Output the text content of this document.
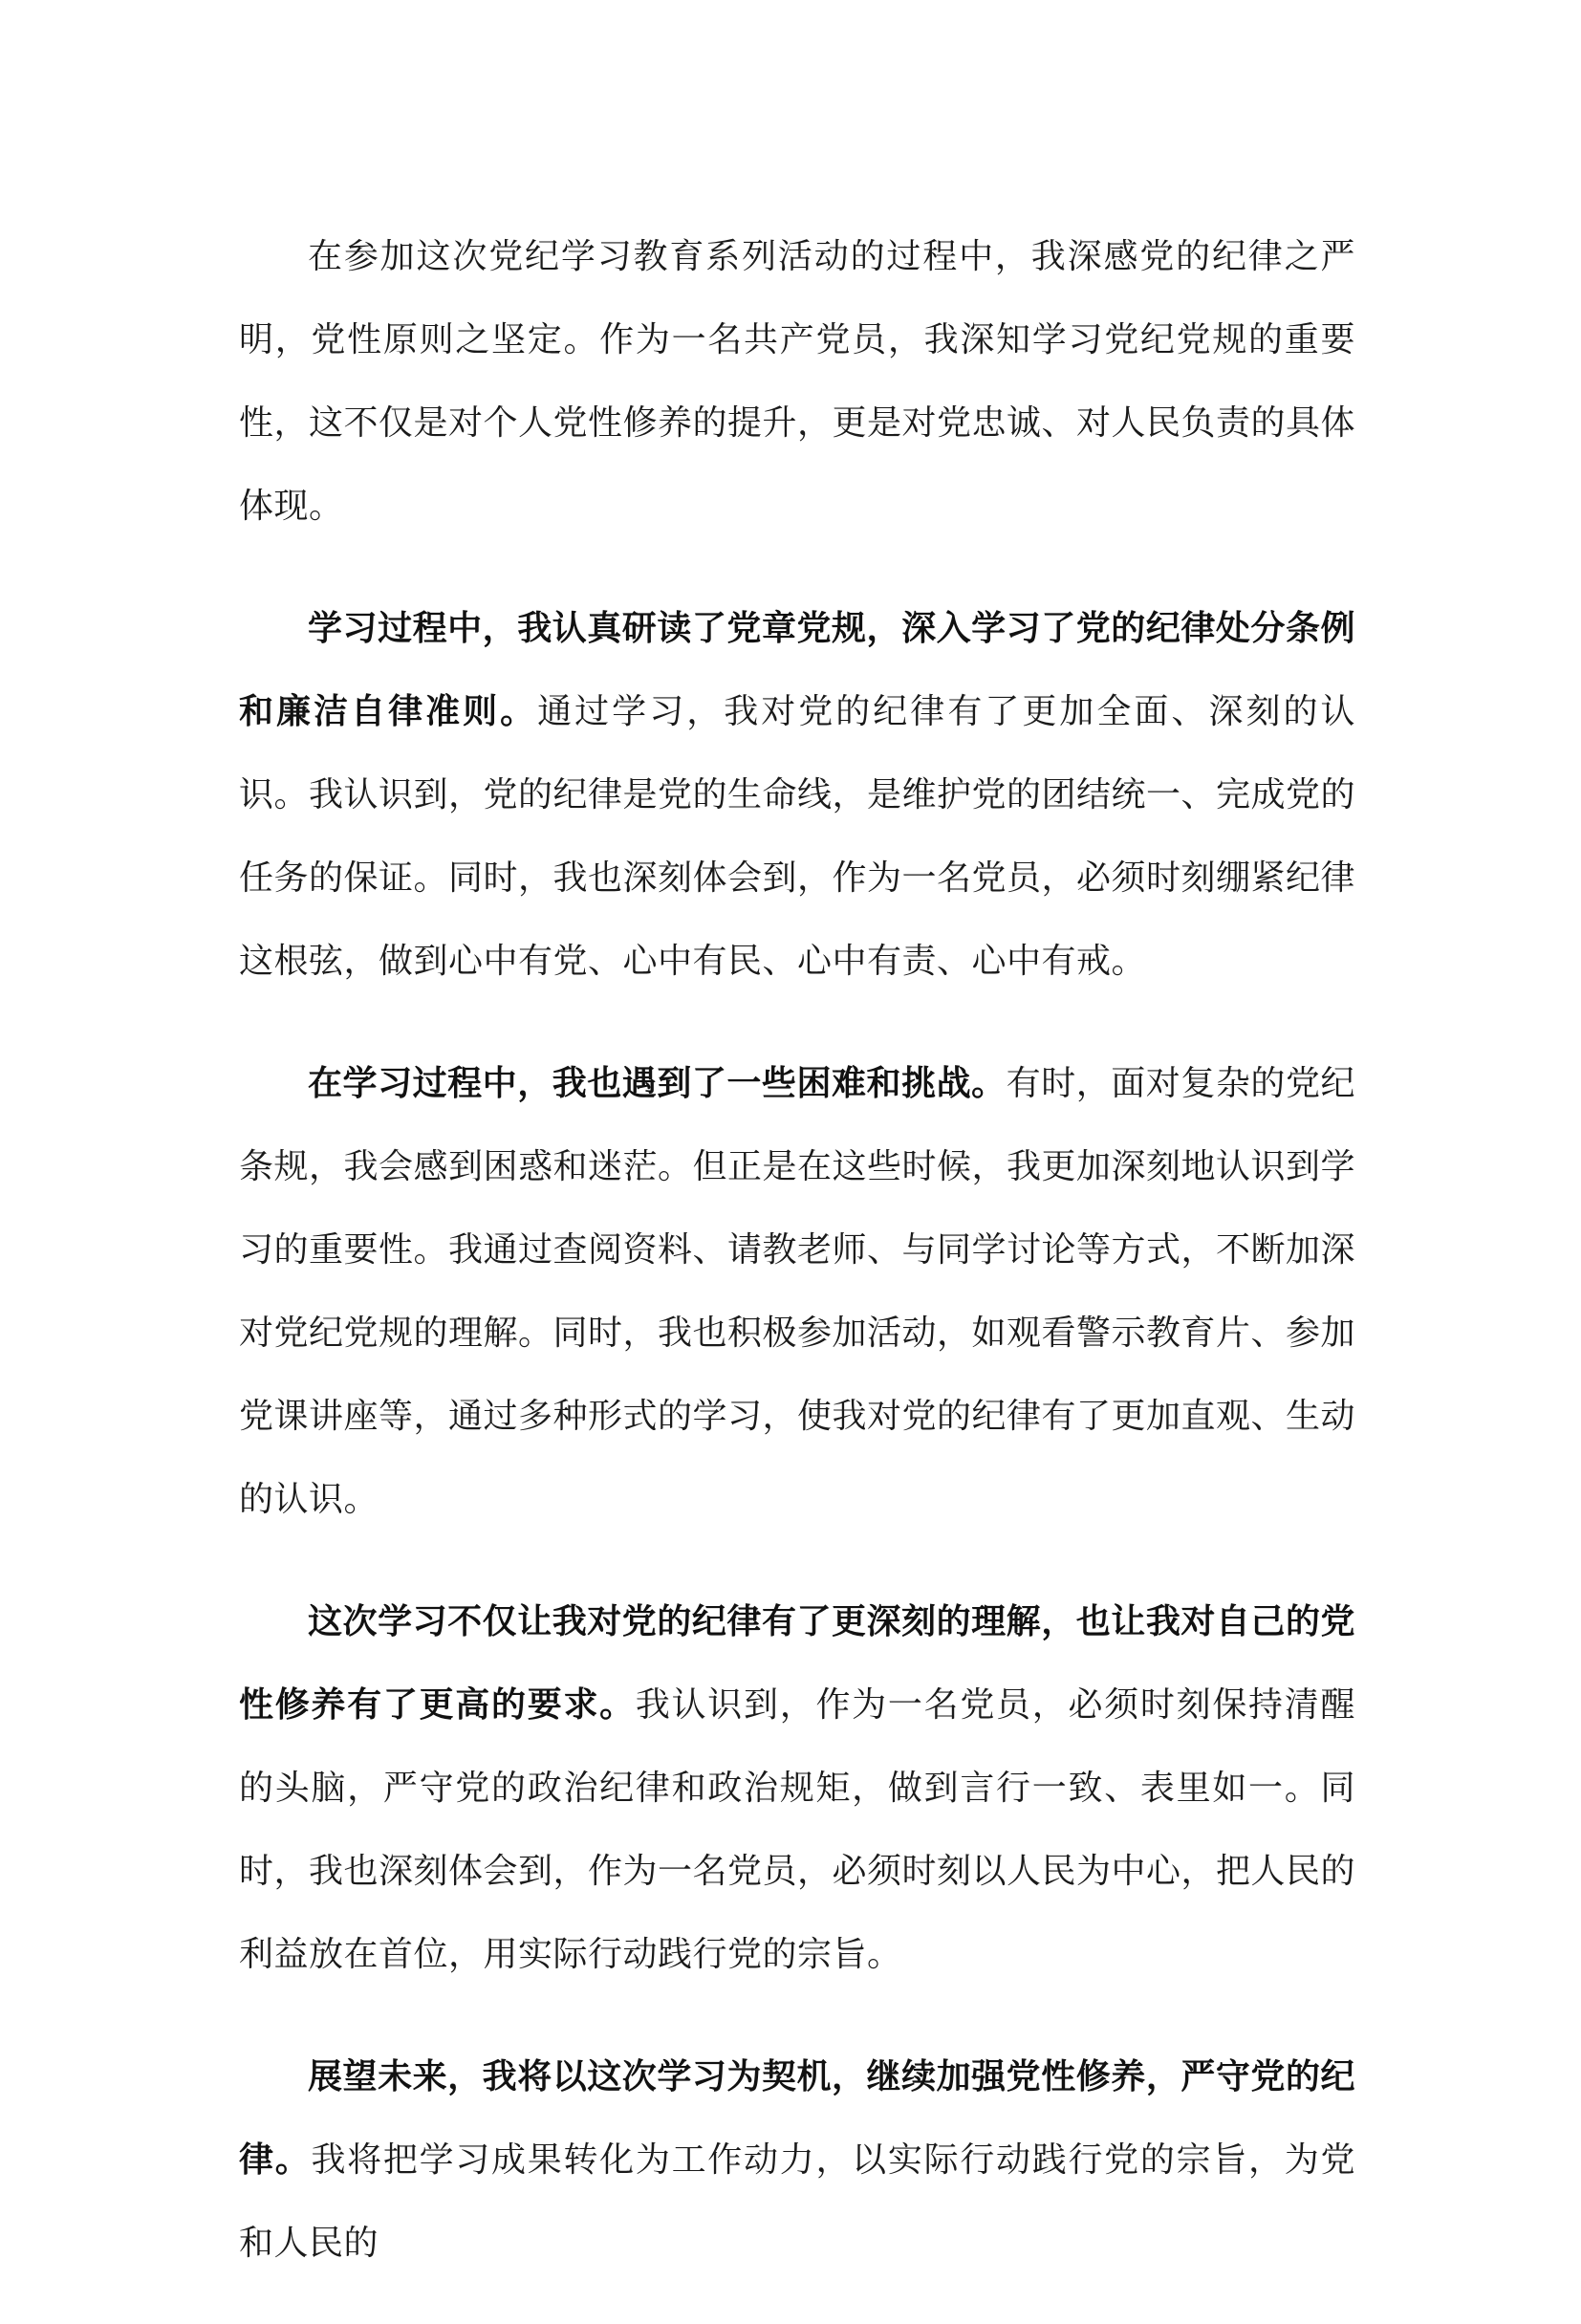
在参加这次党纪学习教育系列活动的过程中，我深感党的纪律之严明，党性原则之坚定。作为一名共产党员，我深知学习党纪党规的重要性，这不仅是对个人党性修养的提升，更是对党忠诚、对人民负责的具体体现。

学习过程中，我认真研读了党章党规，深入学习了党的纪律处分条例和廉洁自律准则。通过学习，我对党的纪律有了更加全面、深刻的认识。我认识到，党的纪律是党的生命线，是维护党的团结统一、完成党的任务的保证。同时，我也深刻体会到，作为一名党员，必须时刻绷紧纪律这根弦，做到心中有党、心中有民、心中有责、心中有戒。

在学习过程中，我也遇到了一些困难和挑战。有时，面对复杂的党纪条规，我会感到困惑和迷茫。但正是在这些时候，我更加深刻地认识到学习的重要性。我通过查阅资料、请教老师、与同学讨论等方式，不断加深对党纪党规的理解。同时，我也积极参加活动，如观看警示教育片、参加党课讲座等，通过多种形式的学习，使我对党的纪律有了更加直观、生动的认识。

这次学习不仅让我对党的纪律有了更深刻的理解，也让我对自己的党性修养有了更高的要求。我认识到，作为一名党员，必须时刻保持清醒的头脑，严守党的政治纪律和政治规矩，做到言行一致、表里如一。同时，我也深刻体会到，作为一名党员，必须时刻以人民为中心，把人民的利益放在首位，用实际行动践行党的宗旨。

展望未来，我将以这次学习为契机，继续加强党性修养，严守党的纪律。我将把学习成果转化为工作动力，以实际行动践行党的宗旨，为党和人民的
